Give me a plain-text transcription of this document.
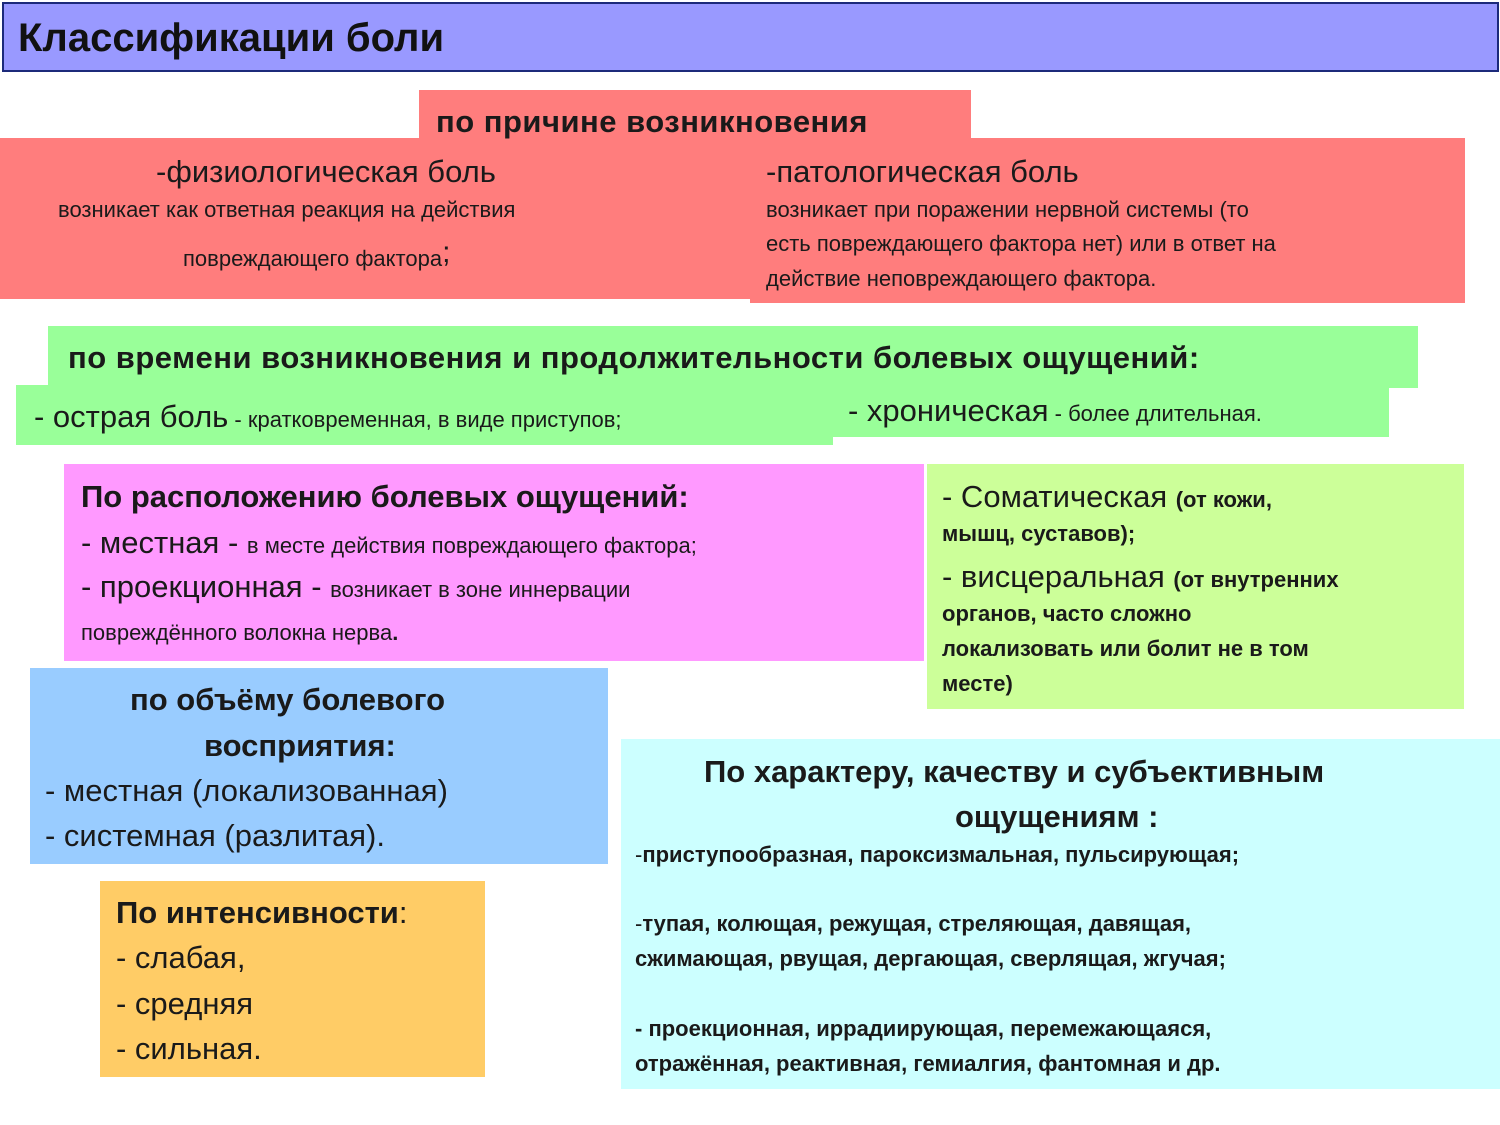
Классификации боли
-физиологическая боль
возникает как ответная реакция на действия
повреждающего фактора;
-патологическая боль
возникает при поражении нервной системы (то
есть повреждающего фактора нет) или в ответ на
действие неповреждающего фактора.
по причине возникновения
- острая боль - кратковременная, в виде приступов;	- хроническая - более длительная.
по времени возникновения и продолжительности болевых ощущений:
По расположению болевых ощущений:
- местная - в месте действия повреждающего фактора;
- проекционная - возникает в зоне иннервации
повреждённого волокна нерва.
- Соматическая (от кожи,
мышц, суставов);
- висцеральная (от внутренних
органов, часто сложно
локализовать или болит не в том
месте)
по объёму болевого
восприятия:
- местная (локализованная)
- системная (разлитая).
По характеру, качеству и субъективным
ощущениям :
-приступообразная, пароксизмальная, пульсирующая;
-тупая, колющая, режущая, стреляющая, давящая,
сжимающая, рвущая, дергающая, сверлящая, жгучая;
- проекционная, иррадиирующая, перемежающаяся,
отражённая, реактивная, гемиалгия, фантомная и др.
По интенсивности:
- слабая,
- средняя
- сильная.
